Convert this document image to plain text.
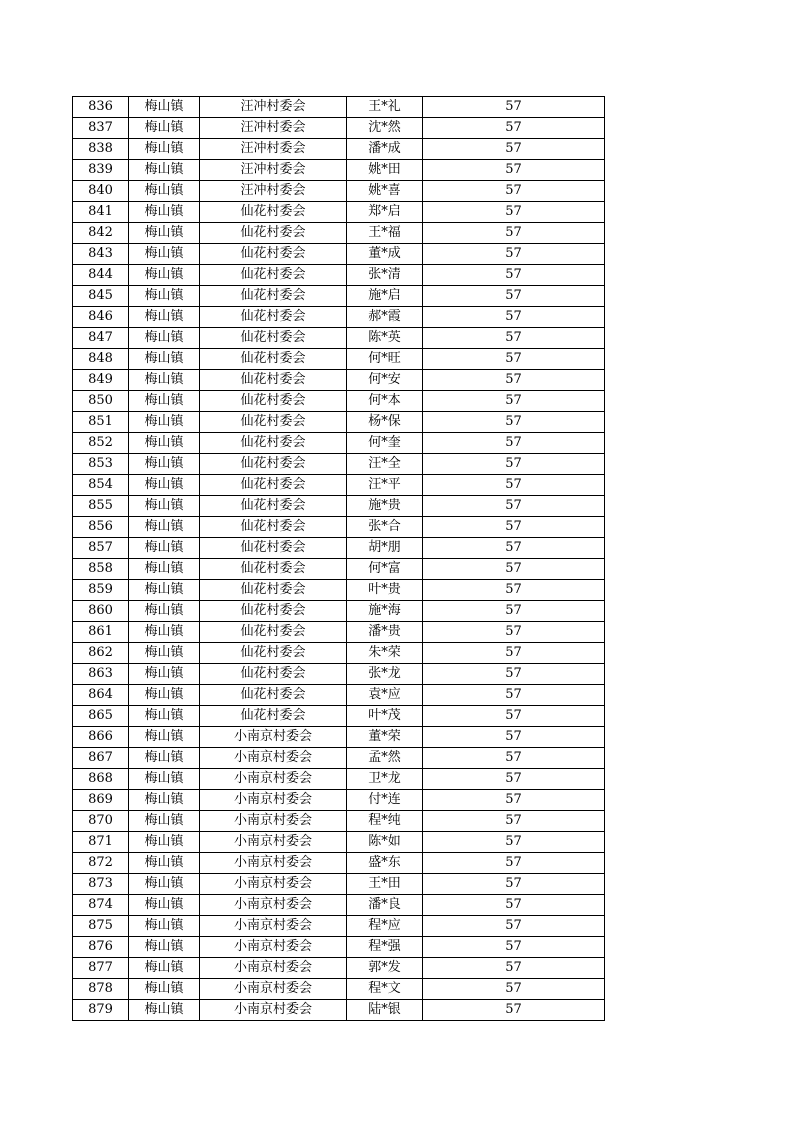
836	梅山镇	汪冲村委会	王*礼	57
837	梅山镇	汪冲村委会	沈*然	57
838	梅山镇	汪冲村委会	潘*成	57
839	梅山镇	汪冲村委会	姚*田	57
840	梅山镇	汪冲村委会	姚*喜	57
841	梅山镇	仙花村委会	郑*启	57
842	梅山镇	仙花村委会	王*福	57
843	梅山镇	仙花村委会	董*成	57
844	梅山镇	仙花村委会	张*清	57
845	梅山镇	仙花村委会	施*启	57
846	梅山镇	仙花村委会	郝*霞	57
847	梅山镇	仙花村委会	陈*英	57
848	梅山镇	仙花村委会	何*旺	57
849	梅山镇	仙花村委会	何*安	57
850	梅山镇	仙花村委会	何*本	57
851	梅山镇	仙花村委会	杨*保	57
852	梅山镇	仙花村委会	何*奎	57
853	梅山镇	仙花村委会	汪*全	57
854	梅山镇	仙花村委会	汪*平	57
855	梅山镇	仙花村委会	施*贵	57
856	梅山镇	仙花村委会	张*合	57
857	梅山镇	仙花村委会	胡*朋	57
858	梅山镇	仙花村委会	何*富	57
859	梅山镇	仙花村委会	叶*贵	57
860	梅山镇	仙花村委会	施*海	57
861	梅山镇	仙花村委会	潘*贵	57
862	梅山镇	仙花村委会	朱*荣	57
863	梅山镇	仙花村委会	张*龙	57
864	梅山镇	仙花村委会	袁*应	57
865	梅山镇	仙花村委会	叶*茂	57
866	梅山镇	小南京村委会	董*荣	57
867	梅山镇	小南京村委会	孟*然	57
868	梅山镇	小南京村委会	卫*龙	57
869	梅山镇	小南京村委会	付*连	57
870	梅山镇	小南京村委会	程*纯	57
871	梅山镇	小南京村委会	陈*如	57
872	梅山镇	小南京村委会	盛*东	57
873	梅山镇	小南京村委会	王*田	57
874	梅山镇	小南京村委会	潘*良	57
875	梅山镇	小南京村委会	程*应	57
876	梅山镇	小南京村委会	程*强	57
877	梅山镇	小南京村委会	郭*发	57
878	梅山镇	小南京村委会	程*文	57
879	梅山镇	小南京村委会	陆*银	57
